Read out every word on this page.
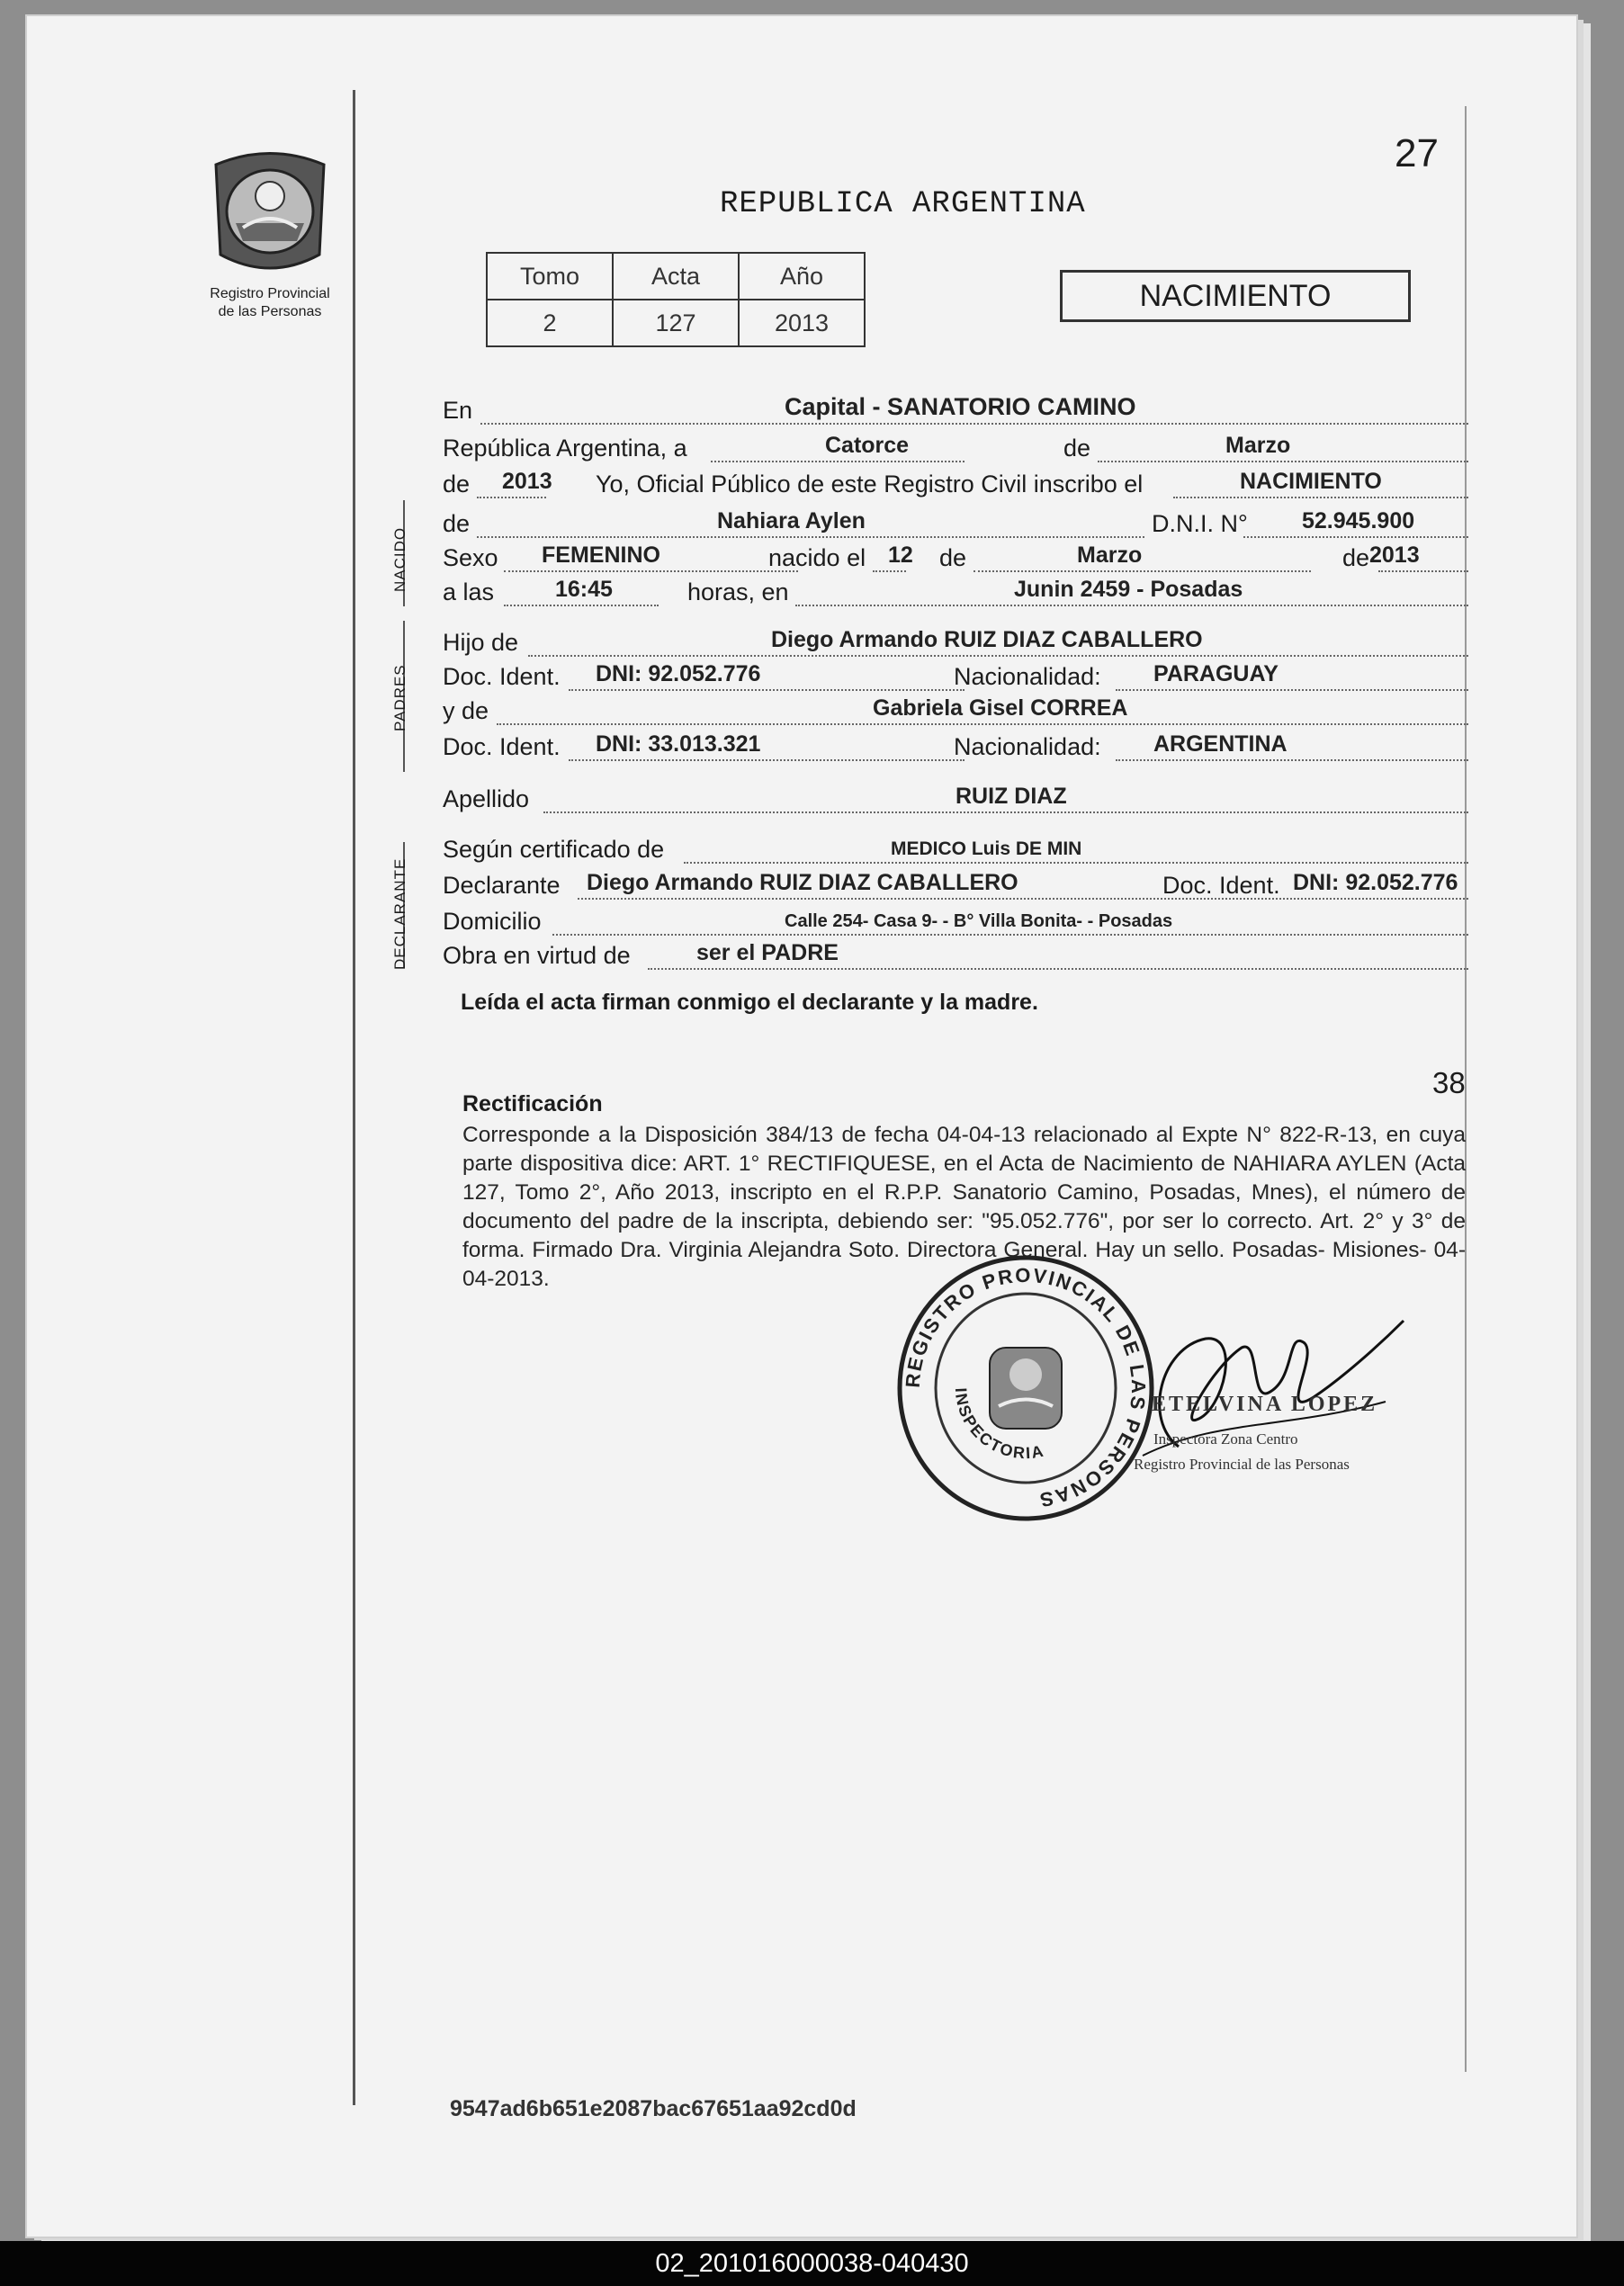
Registro Provincial
de las Personas
27
REPUBLICA ARGENTINA
Tomo	Acta	Año
2	127	2013
NACIMIENTO
NACIDO
PADRES
DECLARANTE
En	Capital - SANATORIO CAMINO
República Argentina, a	Catorce	de	Marzo
de 2013 Yo, Oficial Público de este Registro Civil inscribo el	NACIMIENTO
de	Nahiara Aylen	D.N.I. N° 52.945.900
Sexo FEMENINO	nacido el 12 de	Marzo	de 2013
a las	16:45	horas, en	Junin 2459 - Posadas
Hijo de	Diego Armando RUIZ DIAZ CABALLERO
Doc. Ident. DNI: 92.052.776	Nacionalidad: PARAGUAY
y de	Gabriela Gisel CORREA
Doc. Ident. DNI: 33.013.321	Nacionalidad: ARGENTINA
Apellido	RUIZ DIAZ
Según certificado de	MEDICO Luis DE MIN
Declarante Diego Armando RUIZ DIAZ CABALLERO	Doc. Ident. DNI: 92.052.776
Domicilio	Calle 254- Casa 9- - B° Villa Bonita- - Posadas
Obra en virtud de	ser el PADRE
Leída el acta firman conmigo el declarante y la madre.
38
Rectificación
Corresponde a la Disposición 384/13 de fecha 04-04-13 relacionado al Expte N° 822-R-13, en cuya parte dispositiva dice: ART. 1° RECTIFIQUESE, en el Acta de Nacimiento de NAHIARA AYLEN (Acta 127, Tomo 2°, Año 2013, inscripto en el R.P.P. Sanatorio Camino, Posadas, Mnes), el número de documento del padre de la inscripta, debiendo ser: "95.052.776", por ser lo correcto. Art. 2° y 3° de forma. Firmado Dra. Virginia Alejandra Soto. Directora General. Hay un sello. Posadas- Misiones- 04-04-2013.
REGISTRO PROVINCIAL DE LAS PERSONAS
INSPECTORIA
ETELVINA LOPEZ
Inspectora Zona Centro
Registro Provincial de las Personas
9547ad6b651e2087bac67651aa92cd0d
02_201016000038-040430
